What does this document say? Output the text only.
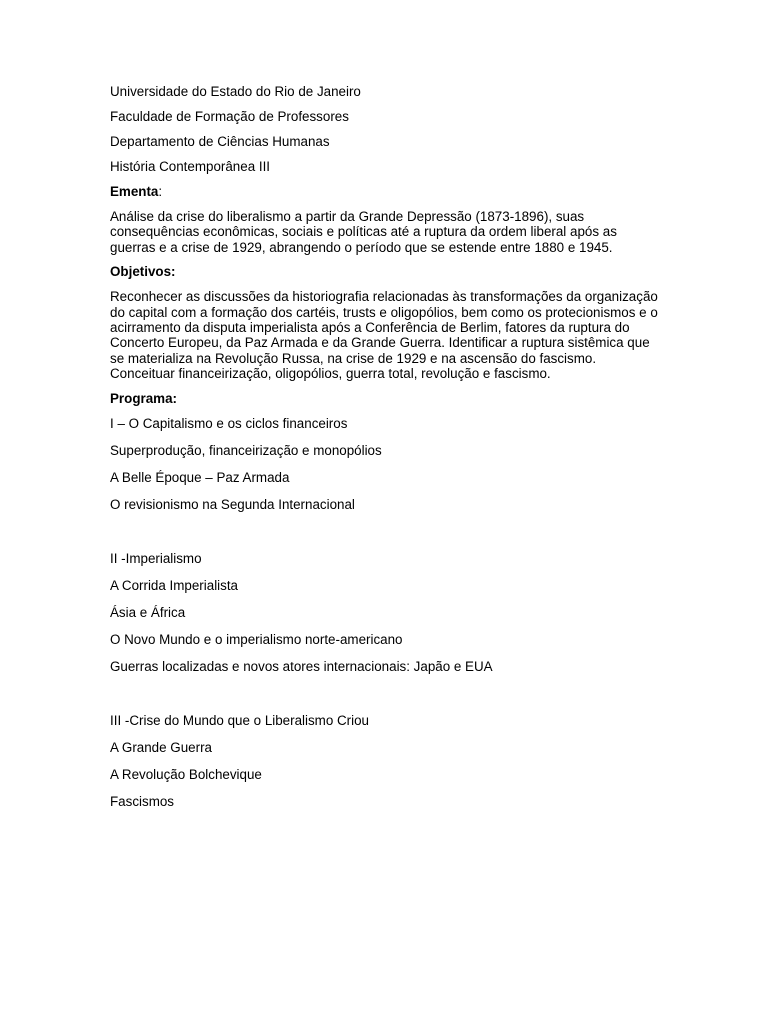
Universidade do Estado do Rio de Janeiro
Faculdade de Formação de Professores
Departamento de Ciências Humanas
História Contemporânea III
Ementa:

Análise da crise do liberalismo a partir da Grande Depressão (1873-1896), suas consequências econômicas, sociais e políticas até a ruptura da ordem liberal após as guerras e a crise de 1929, abrangendo o período que se estende entre 1880 e 1945.

Objetivos:

Reconhecer as discussões da historiografia relacionadas às transformações da organização do capital com a formação dos cartéis, trusts e oligopólios, bem como os protecionismos e o acirramento da disputa imperialista após a Conferência de Berlim, fatores da ruptura do Concerto Europeu, da Paz Armada e da Grande Guerra. Identificar a ruptura sistêmica que se materializa na Revolução Russa, na crise de 1929 e na ascensão do fascismo. Conceituar financeirização, oligopólios, guerra total, revolução e fascismo.

Programa:
I – O Capitalismo e os ciclos financeiros
Superprodução, financeirização e monopólios
A Belle Époque – Paz Armada
O revisionismo na Segunda Internacional
II -Imperialismo
A Corrida Imperialista
Ásia e África
O Novo Mundo e o imperialismo norte-americano
Guerras localizadas e novos atores internacionais: Japão e EUA
III -Crise do Mundo que o Liberalismo Criou
A Grande Guerra
A Revolução Bolchevique
Fascismos
